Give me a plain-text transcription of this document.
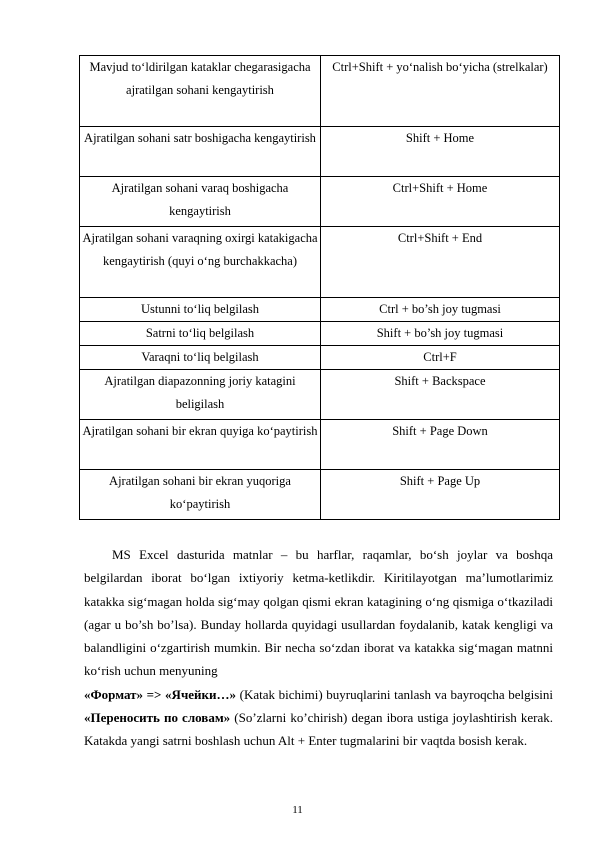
Mavjud to‘ldirilgan kataklar chegarasigacha ajratilgan sohani kengaytirish	Ctrl+Shift + yo‘nalish bo‘yicha (strelkalar)
Ajratilgan sohani satr boshigacha kengaytirish	Shift + Home
Ajratilgan sohani varaq boshigacha kengaytirish	Ctrl+Shift + Home
Ajratilgan sohani varaqning oxirgi katakigacha kengaytirish (quyi o‘ng burchakkacha)	Ctrl+Shift + End
Ustunni to‘liq belgilash	Ctrl + bo’sh joy tugmasi
Satrni to‘liq belgilash	Shift + bo’sh joy tugmasi
Varaqni to‘liq belgilash	Ctrl+F
Ajratilgan diapazonning joriy katagini beligilash	Shift + Backspace
Ajratilgan sohani bir ekran quyiga ko‘paytirish	Shift + Page Down
Ajratilgan sohani bir ekran yuqoriga ko‘paytirish	Shift + Page Up

MS Excel dasturida matnlar – bu harflar, raqamlar, bo‘sh joylar va boshqa belgilardan iborat bo‘lgan ixtiyoriy ketma-ketlikdir. Kiritilayotgan ma’lumotlarimiz katakka sig‘magan holda sig‘may qolgan qismi ekran katagining o‘ng qismiga o‘tkaziladi (agar u bo’sh bo’lsa). Bunday hollarda quyidagi usullardan foydalanib, katak kengligi va balandligini o‘zgartirish mumkin. Bir necha so‘zdan iborat va katakka sig‘magan matnni ko‘rish uchun menyuning

«Формат» => «Ячейки…» (Katak bichimi) buyruqlarini tanlash va bayroqcha belgisini «Переносить по словам» (So’zlarni ko’chirish) degan ibora ustiga joylashtirish kerak. Katakda yangi satrni boshlash uchun Alt + Enter tugmalarini bir vaqtda bosish kerak.

11
